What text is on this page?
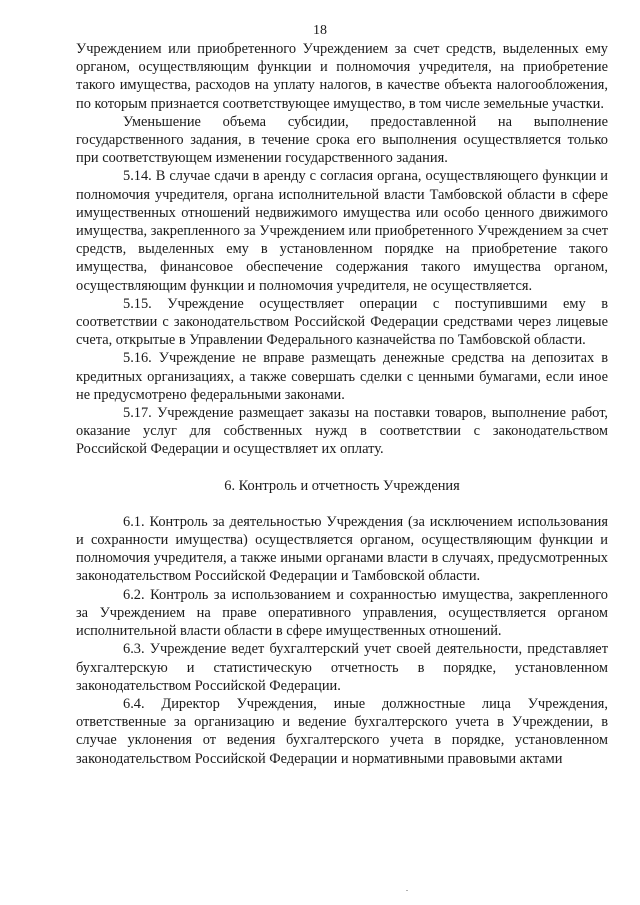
18

Учреждением или приобретенного Учреждением за счет средств, выделенных ему органом, осуществляющим функции и полномочия учредителя, на приобретение такого имущества, расходов на уплату налогов, в качестве объекта налогообложения, по которым признается соответствующее имущество, в том числе земельные участки.

Уменьшение объема субсидии, предоставленной на выполнение государственного задания, в течение срока его выполнения осуществляется только при соответствующем изменении государственного задания.

5.14. В случае сдачи в аренду с согласия органа, осуществляющего функции и полномочия учредителя, органа исполнительной власти Тамбовской области в сфере имущественных отношений недвижимого имущества или особо ценного движимого имущества, закрепленного за Учреждением или приобретенного Учреждением за счет средств, выделенных ему в установленном порядке на приобретение такого имущества, финансовое обеспечение содержания такого имущества органом, осуществляющим функции и полномочия учредителя, не осуществляется.

5.15. Учреждение осуществляет операции с поступившими ему в соответствии с законодательством Российской Федерации средствами через лицевые счета, открытые в Управлении Федерального казначейства по Тамбовской области.

5.16. Учреждение не вправе размещать денежные средства на депозитах в кредитных организациях, а также совершать сделки с ценными бумагами, если иное не предусмотрено федеральными законами.

5.17. Учреждение размещает заказы на поставки товаров, выполнение работ, оказание услуг для собственных нужд в соответствии с законодательством Российской Федерации и осуществляет их оплату.

6. Контроль и отчетность Учреждения

6.1. Контроль за деятельностью Учреждения (за исключением использования и сохранности имущества) осуществляется органом, осуществляющим функции и полномочия учредителя, а также иными органами власти в случаях, предусмотренных законодательством Российской Федерации и Тамбовской области.

6.2. Контроль за использованием и сохранностью имущества, закрепленного за Учреждением на праве оперативного управления, осуществляется органом исполнительной власти области в сфере имущественных отношений.

6.3. Учреждение ведет бухгалтерский учет своей деятельности, представляет бухгалтерскую и статистическую отчетность в порядке, установленном законодательством Российской Федерации.

6.4. Директор Учреждения, иные должностные лица Учреждения, ответственные за организацию и ведение бухгалтерского учета в Учреждении, в случае уклонения от ведения бухгалтерского учета в порядке, установленном законодательством Российской Федерации и нормативными правовыми актами
